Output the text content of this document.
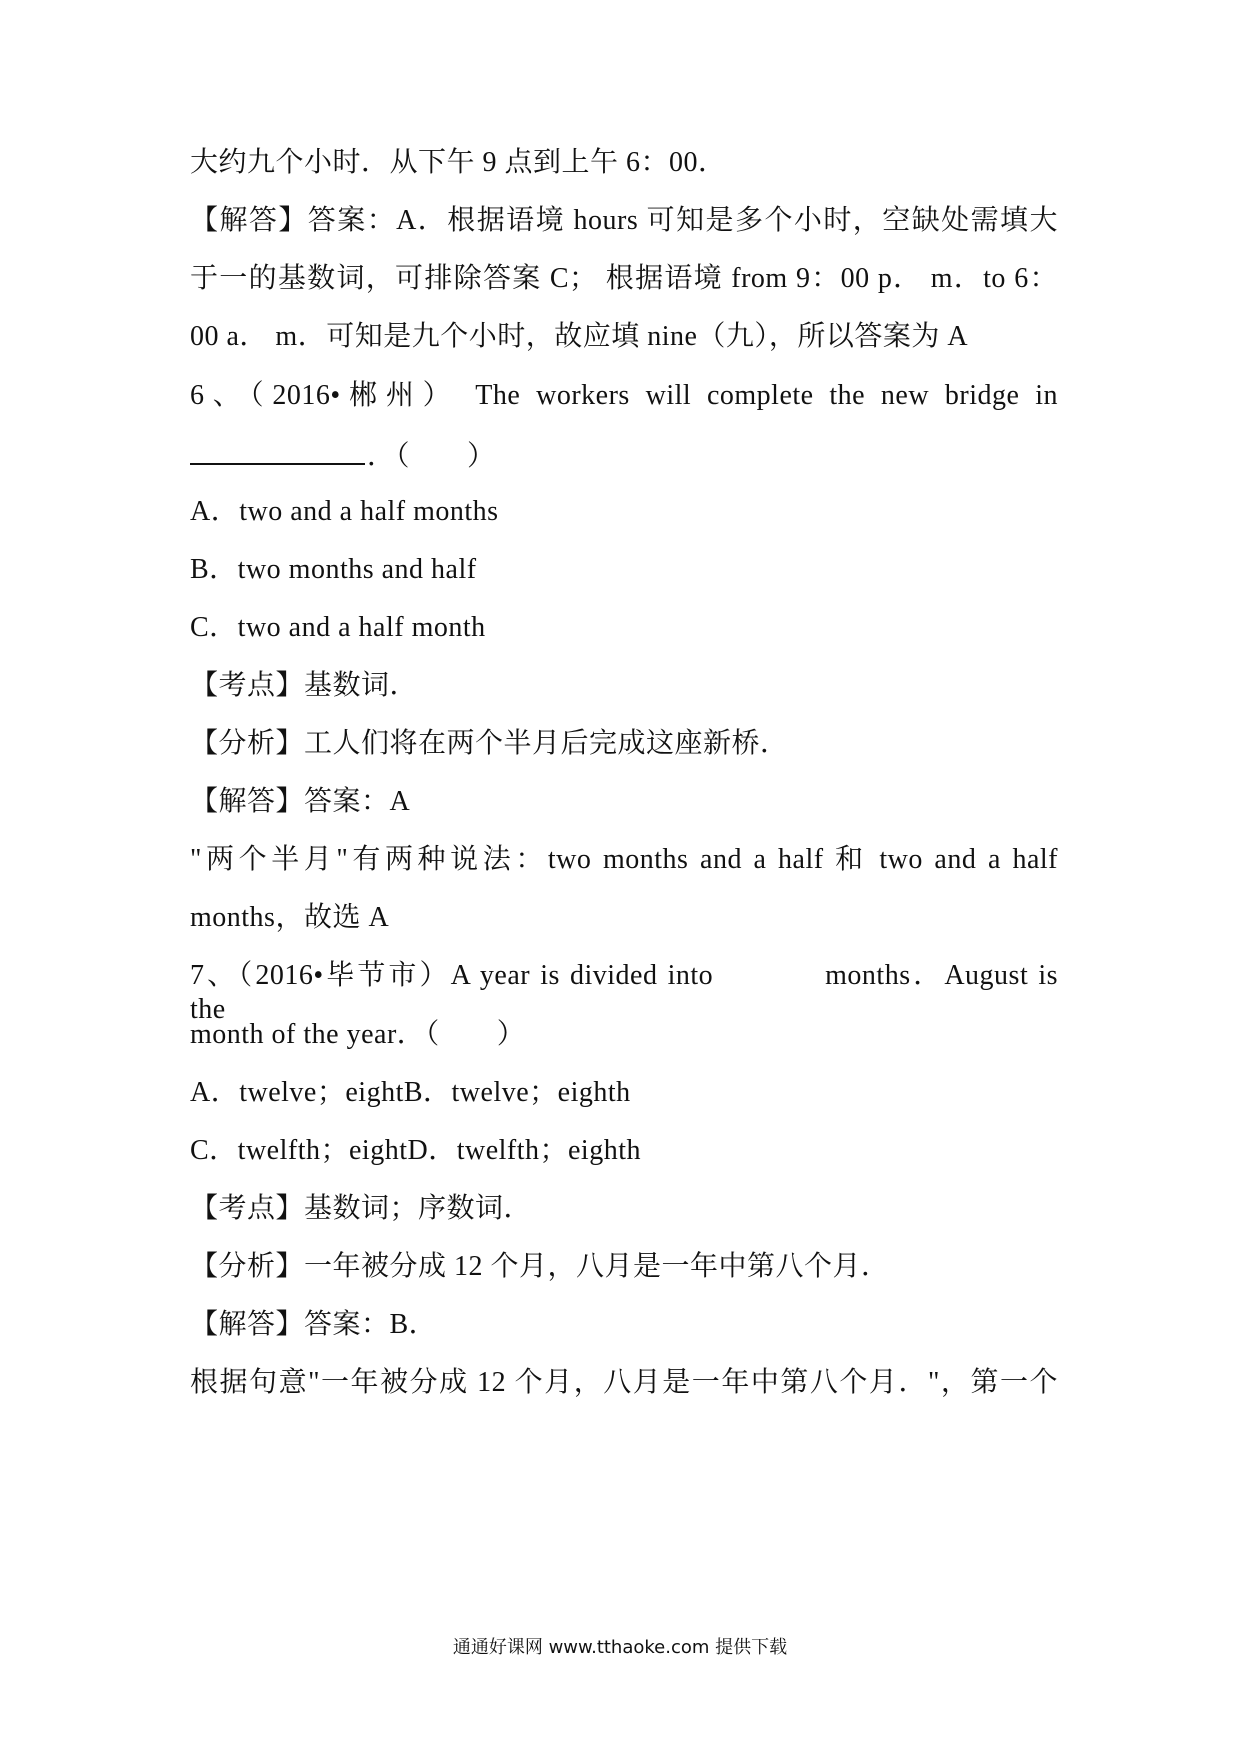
大约九个小时．从下午 9 点到上午 6：00．
【解答】答案：A．根据语境 hours 可知是多个小时，空缺处需填大
于一的基数词，可排除答案 C； 根据语境 from 9：00 p． m．to 6：
00 a． m．可知是九个小时，故应填 nine（九），所以答案为 A
6、（2016•郴州） The workers will complete the new bridge in
．（　　）
A．two and a half months
B．two months and half
C．two and a half month
【考点】基数词．
【分析】工人们将在两个半月后完成这座新桥．
【解答】答案：A
"两个半月"有两种说法：two months and a half 和 two and a half
months，故选 A
7、（2016•毕节市）A year is divided into	months．August is the
month of the year．（　　）
A．twelve；eightB．twelve；eighth
C．twelfth；eightD．twelfth；eighth
【考点】基数词；序数词．
【分析】一年被分成 12 个月，八月是一年中第八个月．
【解答】答案：B．
根据句意"一年被分成 12 个月，八月是一年中第八个月．"，第一个
通通好课网 www.tthaoke.com 提供下载
